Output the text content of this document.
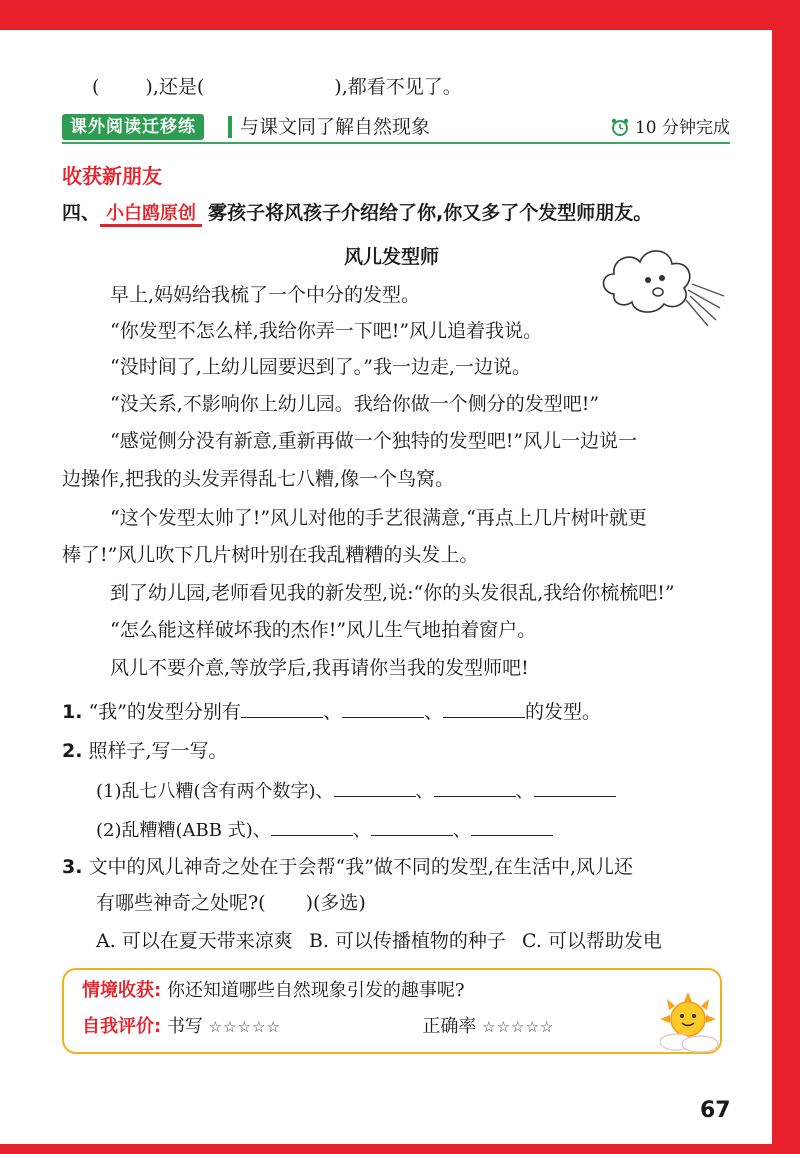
( ),还是(	),都看不见了。
课外阅读迁移练	与课文同了解自然现象	10 分钟完成
收获新朋友
四、 小白鸥原创 雾孩子将风孩子介绍给了你,你又多了个发型师朋友。
风儿发型师
早上,妈妈给我梳了一个中分的发型。
“你发型不怎么样,我给你弄一下吧!”风儿追着我说。
“没时间了,上幼儿园要迟到了。”我一边走,一边说。
“没关系,不影响你上幼儿园。我给你做一个侧分的发型吧!”
“感觉侧分没有新意,重新再做一个独特的发型吧!”风儿一边说一
边操作,把我的头发弄得乱七八糟,像一个鸟窝。
“这个发型太帅了!”风儿对他的手艺很满意,“再点上几片树叶就更
棒了!”风儿吹下几片树叶别在我乱糟糟的头发上。
到了幼儿园,老师看见我的新发型,说:“你的头发很乱,我给你梳梳吧!”
“怎么能这样破坏我的杰作!”风儿生气地拍着窗户。
风儿不要介意,等放学后,我再请你当我的发型师吧!
1. “我”的发型分别有	、	、	的发型。
2. 照样子,写一写。
(1)乱七八糟(含有两个数字)、	、	、
(2)乱糟糟(ABB 式)、	、	、
3. 文中的风儿神奇之处在于会帮“我”做不同的发型,在生活中,风儿还
有哪些神奇之处呢?( )(多选)
A. 可以在夏天带来凉爽 B. 可以传播植物的种子 C. 可以帮助发电
情境收获: 你还知道哪些自然现象引发的趣事呢?
自我评价: 书写 ☆☆☆☆☆	正确率 ☆☆☆☆☆
67
